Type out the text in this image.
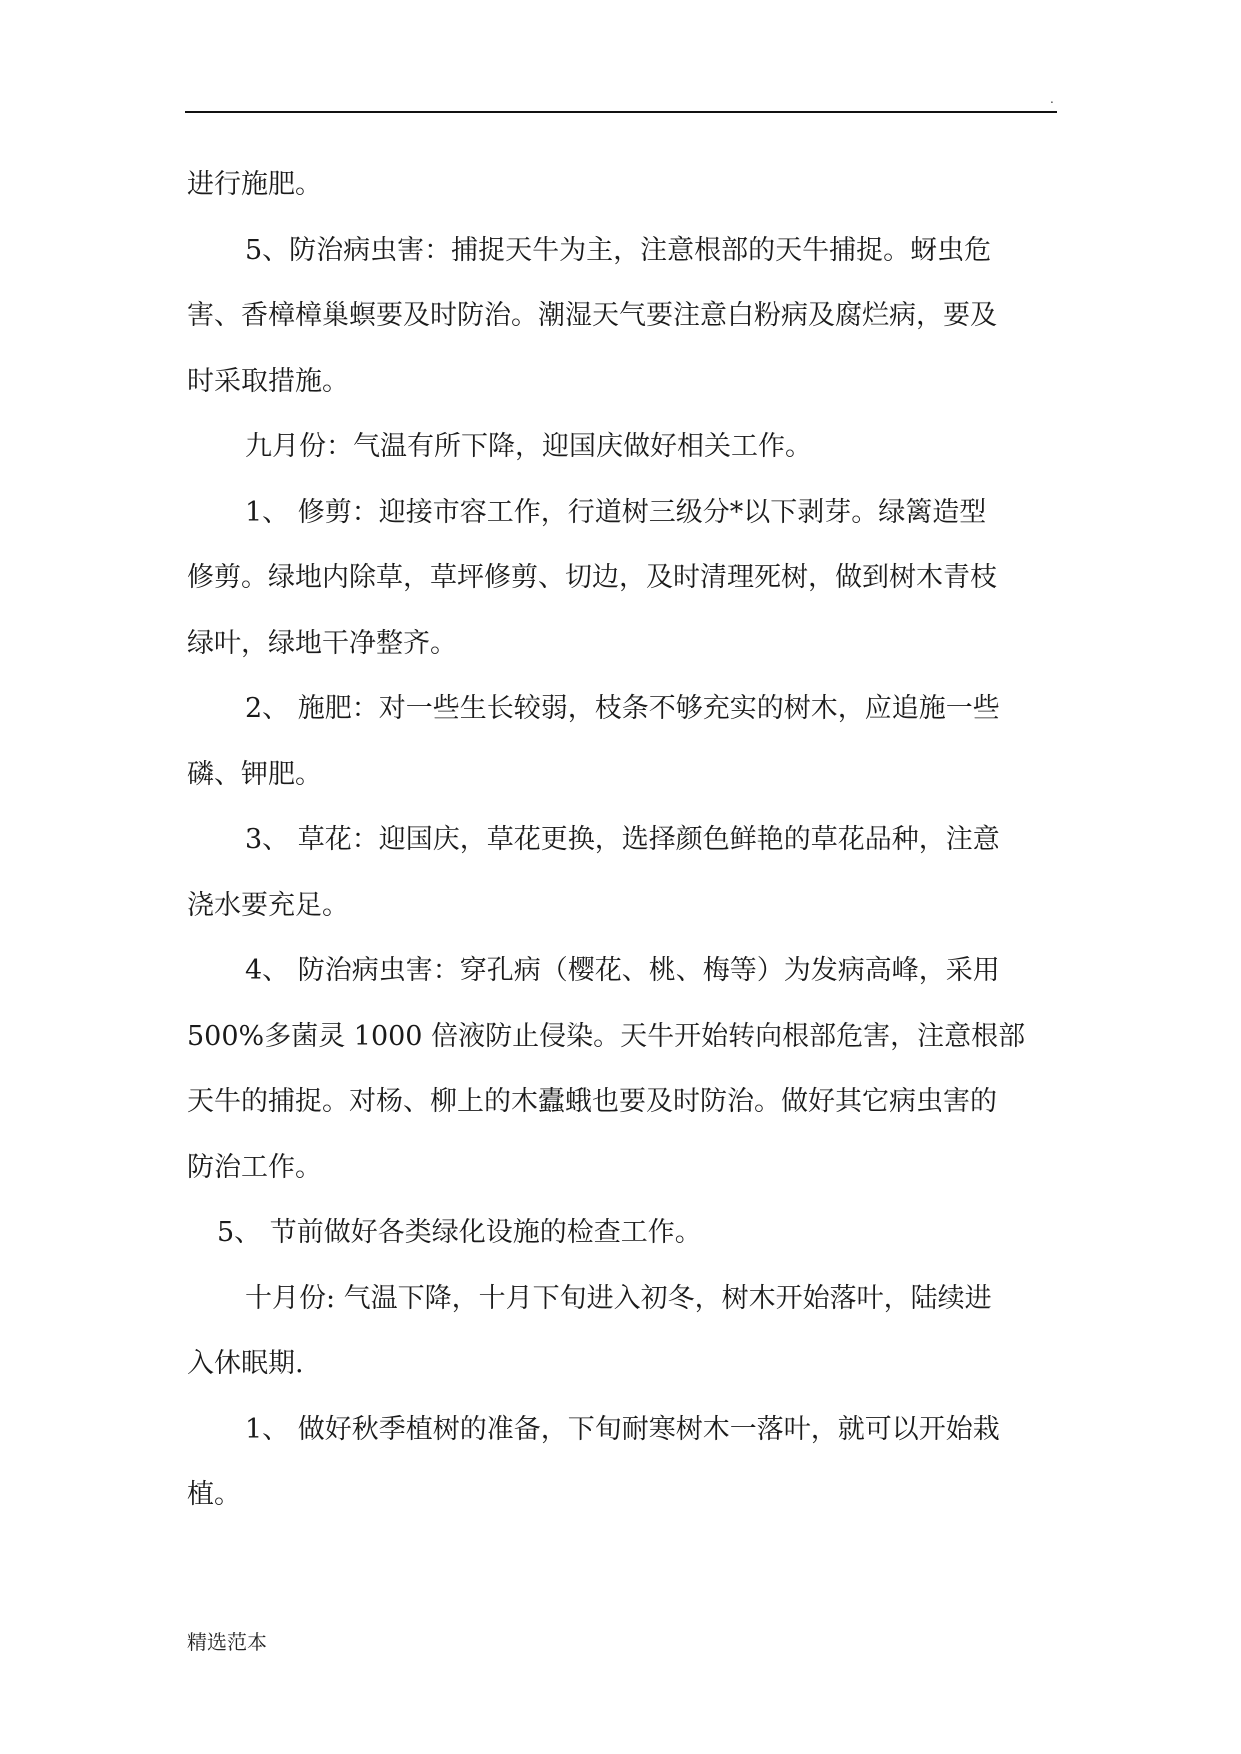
.
进行施肥。
5、防治病虫害：捕捉天牛为主，注意根部的天牛捕捉。蚜虫危
害、香樟樟巢螟要及时防治。潮湿天气要注意白粉病及腐烂病，要及
时采取措施。
九月份：气温有所下降，迎国庆做好相关工作。
1、 修剪：迎接市容工作，行道树三级分*以下剥芽。绿篱造型
修剪。绿地内除草，草坪修剪、切边，及时清理死树，做到树木青枝
绿叶，绿地干净整齐。
2、 施肥：对一些生长较弱，枝条不够充实的树木，应追施一些
磷、钾肥。
3、 草花：迎国庆，草花更换，选择颜色鲜艳的草花品种，注意
浇水要充足。
4、 防治病虫害：穿孔病（樱花、桃、梅等）为发病高峰，采用
500%多菌灵 1000 倍液防止侵染。天牛开始转向根部危害，注意根部
天牛的捕捉。对杨、柳上的木蠹蛾也要及时防治。做好其它病虫害的
防治工作。
5、 节前做好各类绿化设施的检查工作。
十月份: 气温下降，十月下旬进入初冬，树木开始落叶，陆续进
入休眠期.
1、 做好秋季植树的准备，下旬耐寒树木一落叶，就可以开始栽
植。
精选范本
